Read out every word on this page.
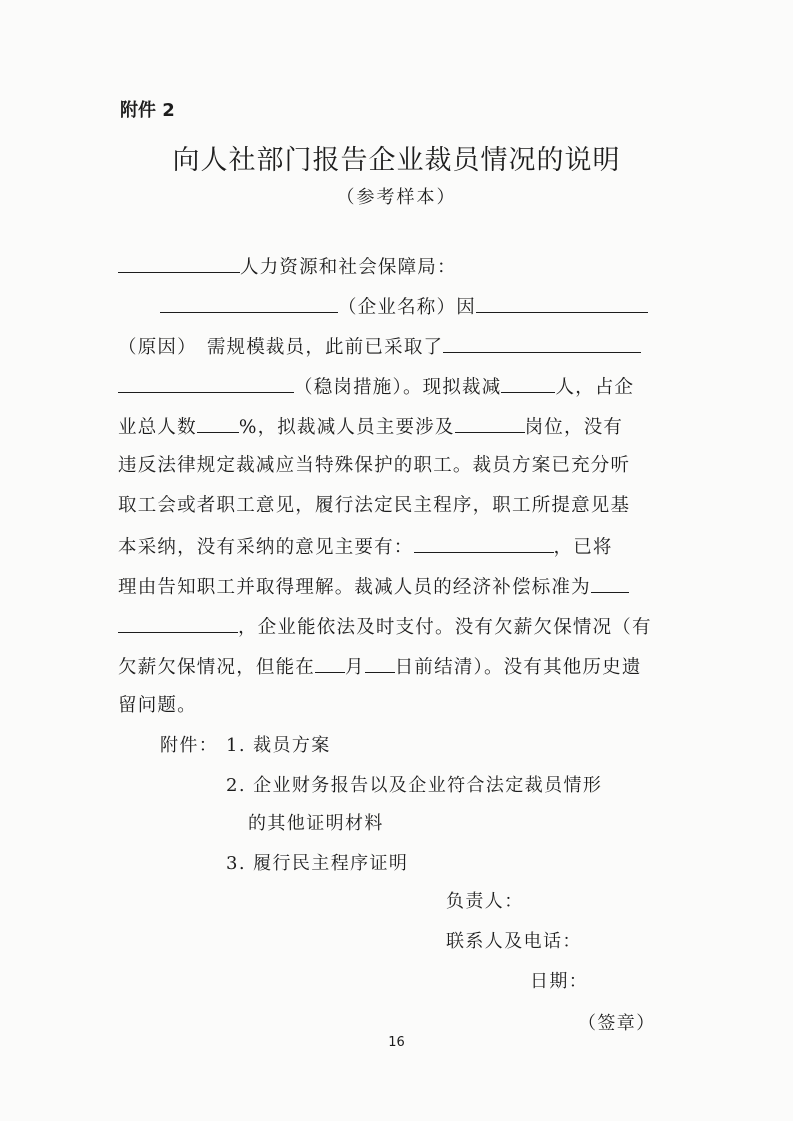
附件 2
向人社部门报告企业裁员情况的说明
（参考样本）
人力资源和社会保障局：
（企业名称）因
（原因） 需规模裁员，此前已采取了
（稳岗措施）。现拟裁减	人，占企
业总人数 %，拟裁减人员主要涉及	岗位，没有
违反法律规定裁减应当特殊保护的职工。裁员方案已充分听
取工会或者职工意见，履行法定民主程序，职工所提意见基
本采纳，没有采纳的意见主要有：	，已将
理由告知职工并取得理解。裁减人员的经济补偿标准为
，企业能依法及时支付。没有欠薪欠保情况（有
欠薪欠保情况，但能在 月 日前结清）。没有其他历史遗
留问题。
附件： 1. 裁员方案
2. 企业财务报告以及企业符合法定裁员情形
的其他证明材料
3. 履行民主程序证明
负责人：
联系人及电话：
日期：
（签章）
16
